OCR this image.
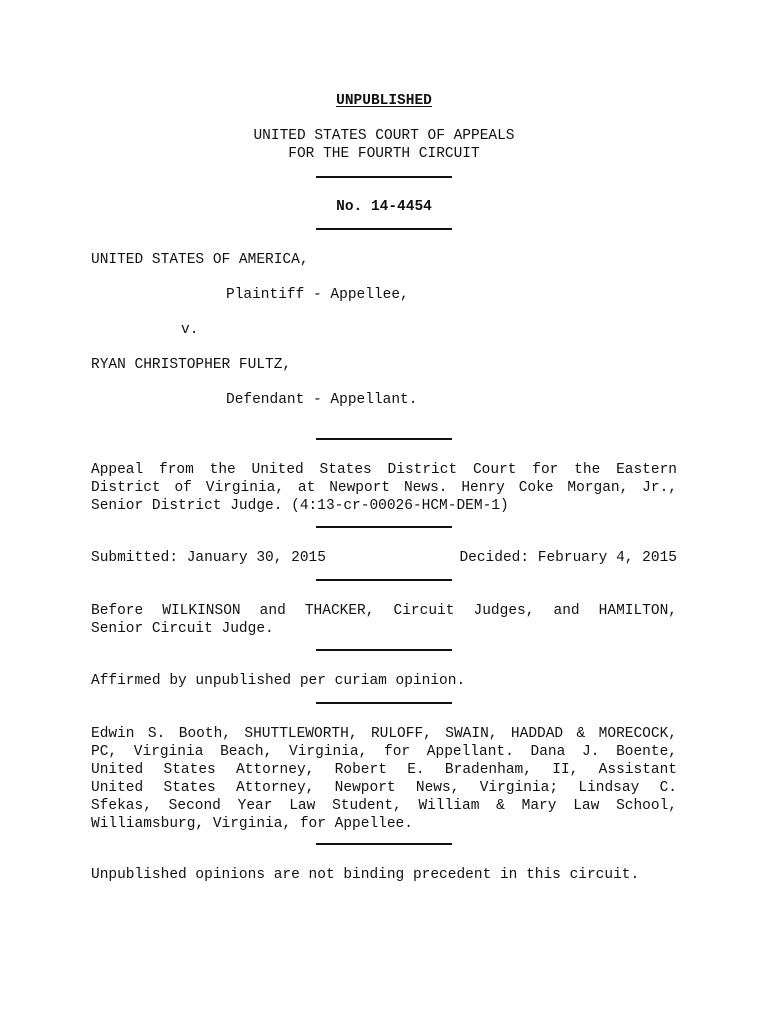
UNPUBLISHED

UNITED STATES COURT OF APPEALS

FOR THE FOURTH CIRCUIT

No. 14-4454

UNITED STATES OF AMERICA,

Plaintiff - Appellee,

v.

RYAN CHRISTOPHER FULTZ,

Defendant - Appellant.

Appeal from the United States District Court for the Eastern

District of Virginia, at Newport News. Henry Coke Morgan, Jr.,

Senior District Judge. (4:13-cr-00026-HCM-DEM-1)

Submitted: January 30, 2015	Decided: February 4, 2015

Before WILKINSON and THACKER, Circuit Judges, and HAMILTON,

Senior Circuit Judge.

Affirmed by unpublished per curiam opinion.

Edwin S. Booth, SHUTTLEWORTH, RULOFF, SWAIN, HADDAD & MORECOCK,

PC, Virginia Beach, Virginia, for Appellant. Dana J. Boente,

United States Attorney, Robert E. Bradenham, II, Assistant

United States Attorney, Newport News, Virginia; Lindsay C.

Sfekas, Second Year Law Student, William & Mary Law School,

Williamsburg, Virginia, for Appellee.

Unpublished opinions are not binding precedent in this circuit.
